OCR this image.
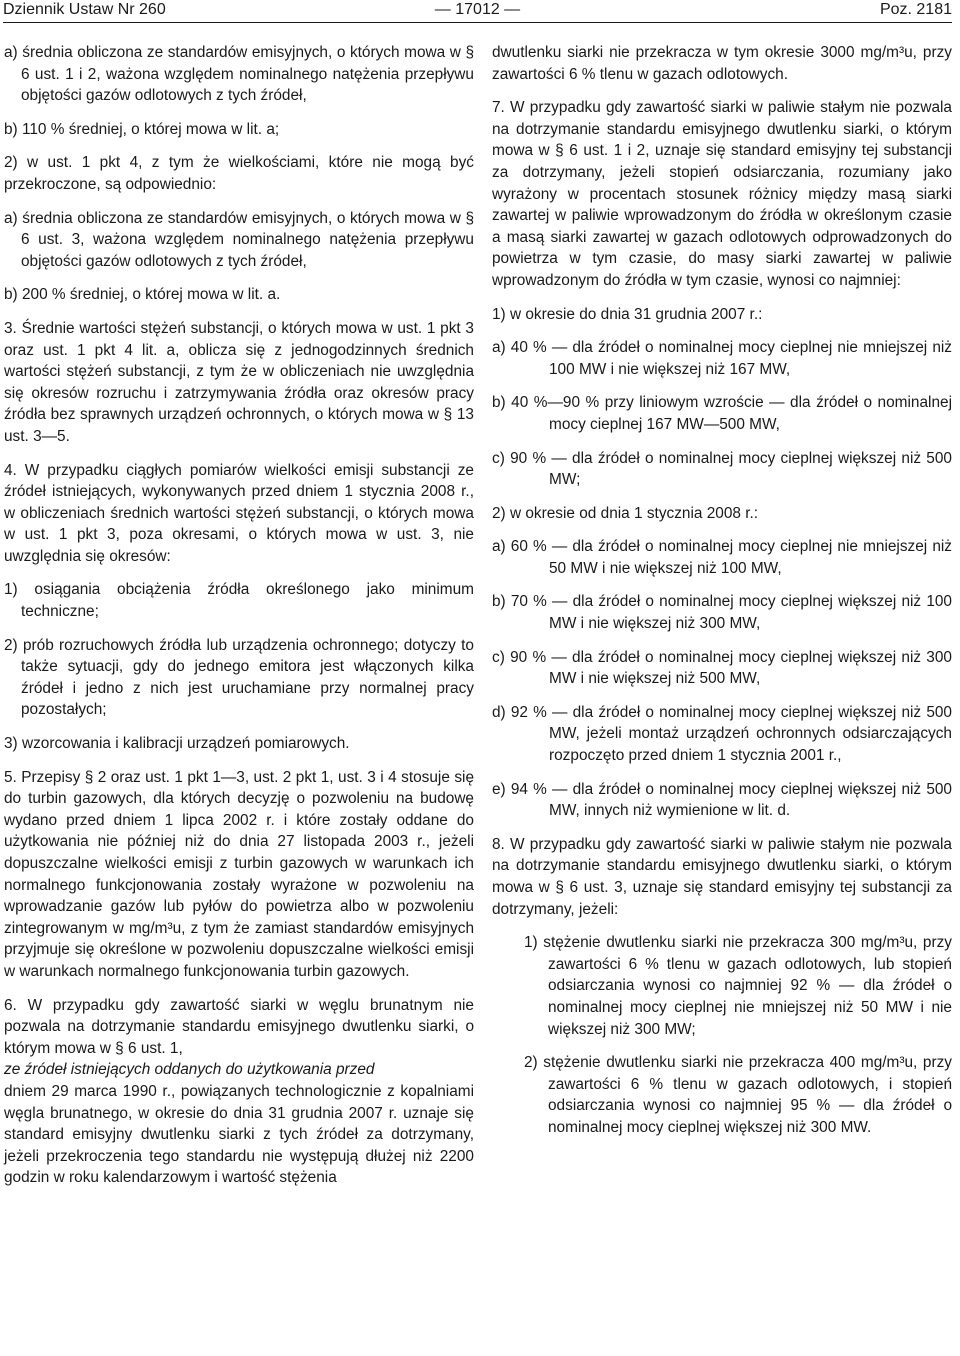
Dziennik Ustaw Nr 260	— 17012 —	Poz. 2181

a) średnia obliczona ze standardów emisyjnych, o których mowa w § 6 ust. 1 i 2, ważona względem nominalnego natężenia przepływu objętości gazów odlotowych z tych źródeł,

b) 110 % średniej, o której mowa w lit. a;

2) w ust. 1 pkt 4, z tym że wielkościami, które nie mogą być przekroczone, są odpowiednio:

a) średnia obliczona ze standardów emisyjnych, o których mowa w § 6 ust. 3, ważona względem nominalnego natężenia przepływu objętości gazów odlotowych z tych źródeł,

b) 200 % średniej, o której mowa w lit. a.

3. Średnie wartości stężeń substancji, o których mowa w ust. 1 pkt 3 oraz ust. 1 pkt 4 lit. a, oblicza się z jednogodzinnych średnich wartości stężeń substancji, z tym że w obliczeniach nie uwzględnia się okresów rozruchu i zatrzymywania źródła oraz okresów pracy źródła bez sprawnych urządzeń ochronnych, o których mowa w § 13 ust. 3—5.

4. W przypadku ciągłych pomiarów wielkości emisji substancji ze źródeł istniejących, wykonywanych przed dniem 1 stycznia 2008 r., w obliczeniach średnich wartości stężeń substancji, o których mowa w ust. 1 pkt 3, poza okresami, o których mowa w ust. 3, nie uwzględnia się okresów:

1) osiągania obciążenia źródła określonego jako minimum techniczne;

2) prób rozruchowych źródła lub urządzenia ochronnego; dotyczy to także sytuacji, gdy do jednego emitora jest włączonych kilka źródeł i jedno z nich jest uruchamiane przy normalnej pracy pozostałych;

3) wzorcowania i kalibracji urządzeń pomiarowych.

5. Przepisy § 2 oraz ust. 1 pkt 1—3, ust. 2 pkt 1, ust. 3 i 4 stosuje się do turbin gazowych, dla których decyzję o pozwoleniu na budowę wydano przed dniem 1 lipca 2002 r. i które zostały oddane do użytkowania nie później niż do dnia 27 listopada 2003 r., jeżeli dopuszczalne wielkości emisji z turbin gazowych w warunkach ich normalnego funkcjonowania zostały wyrażone w pozwoleniu na wprowadzanie gazów lub pyłów do powietrza albo w pozwoleniu zintegrowanym w mg/m³u, z tym że zamiast standardów emisyjnych przyjmuje się określone w pozwoleniu dopuszczalne wielkości emisji w warunkach normalnego funkcjonowania turbin gazowych.

6. W przypadku gdy zawartość siarki w węglu brunatnym nie pozwala na dotrzymanie standardu emisyjnego dwutlenku siarki, o którym mowa w § 6 ust. 1,

ze źródeł istniejących oddanych do użytkowania przed

dniem 29 marca 1990 r., powiązanych technologicznie z kopalniami węgla brunatnego, w okresie do dnia 31 grudnia 2007 r. uznaje się standard emisyjny dwutlenku siarki z tych źródeł za dotrzymany, jeżeli przekroczenia tego standardu nie występują dłużej niż 2200 godzin w roku kalendarzowym i wartość stężenia

dwutlenku siarki nie przekracza w tym okresie 3000 mg/m³u, przy zawartości 6 % tlenu w gazach odlotowych.

7. W przypadku gdy zawartość siarki w paliwie stałym nie pozwala na dotrzymanie standardu emisyjnego dwutlenku siarki, o którym mowa w § 6 ust. 1 i 2, uznaje się standard emisyjny tej substancji za dotrzymany, jeżeli stopień odsiarczania, rozumiany jako wyrażony w procentach stosunek różnicy między masą siarki zawartej w paliwie wprowadzonym do źródła w określonym czasie a masą siarki zawartej w gazach odlotowych odprowadzonych do powietrza w tym czasie, do masy siarki zawartej w paliwie wprowadzonym do źródła w tym czasie, wynosi co najmniej:

1) w okresie do dnia 31 grudnia 2007 r.:

a) 40 % — dla źródeł o nominalnej mocy cieplnej nie mniejszej niż 100 MW i nie większej niż 167 MW,

b) 40 %—90 % przy liniowym wzroście — dla źródeł o nominalnej mocy cieplnej 167 MW—500 MW,

c) 90 % — dla źródeł o nominalnej mocy cieplnej większej niż 500 MW;

2) w okresie od dnia 1 stycznia 2008 r.:

a) 60 % — dla źródeł o nominalnej mocy cieplnej nie mniejszej niż 50 MW i nie większej niż 100 MW,

b) 70 % — dla źródeł o nominalnej mocy cieplnej większej niż 100 MW i nie większej niż 300 MW,

c) 90 % — dla źródeł o nominalnej mocy cieplnej większej niż 300 MW i nie większej niż 500 MW,

d) 92 % — dla źródeł o nominalnej mocy cieplnej większej niż 500 MW, jeżeli montaż urządzeń ochronnych odsiarczających rozpoczęto przed dniem 1 stycznia 2001 r.,

e) 94 % — dla źródeł o nominalnej mocy cieplnej większej niż 500 MW, innych niż wymienione w lit. d.

8. W przypadku gdy zawartość siarki w paliwie stałym nie pozwala na dotrzymanie standardu emisyjnego dwutlenku siarki, o którym mowa w § 6 ust. 3, uznaje się standard emisyjny tej substancji za dotrzymany, jeżeli:

1) stężenie dwutlenku siarki nie przekracza 300 mg/m³u, przy zawartości 6 % tlenu w gazach odlotowych, lub stopień odsiarczania wynosi co najmniej 92 % — dla źródeł o nominalnej mocy cieplnej nie mniejszej niż 50 MW i nie większej niż 300 MW;

2) stężenie dwutlenku siarki nie przekracza 400 mg/m³u, przy zawartości 6 % tlenu w gazach odlotowych, i stopień odsiarczania wynosi co najmniej 95 % — dla źródeł o nominalnej mocy cieplnej większej niż 300 MW.
